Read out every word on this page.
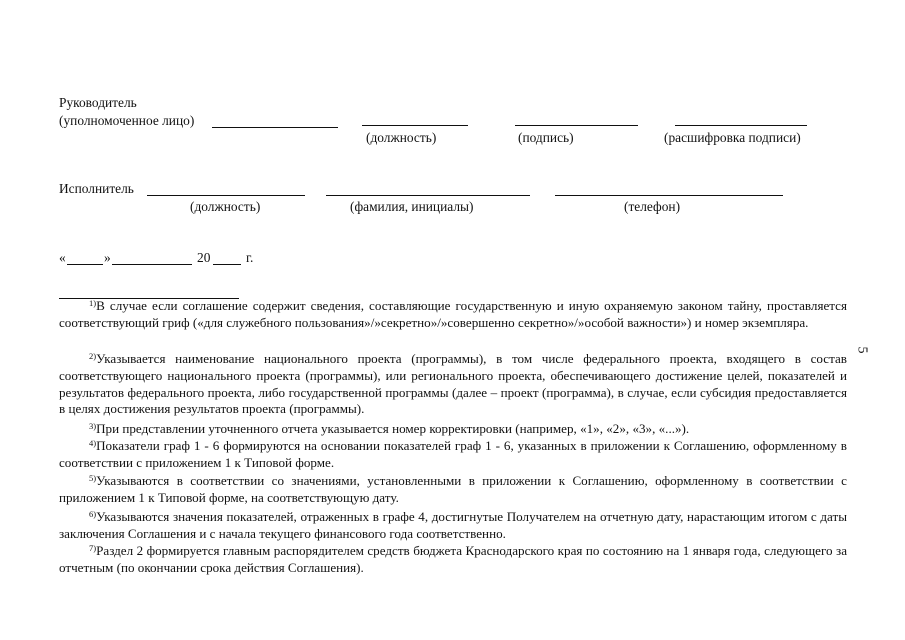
Руководитель
(уполномоченное лицо)
(должность)	(подпись)	(расшифровка подписи)
Исполнитель
(должность)	(фамилия, инициалы)	(телефон)
«	»	20	г.
$^{1)}$В случае если соглашение содержит сведения, составляющие государственную и иную охраняемую законом тайну, проставляется соответствующий гриф («для служебного пользования»/»секретно»/»совершенно секретно»/»особой важности») и номер экземпляра.
$^{2)}$Указывается наименование национального проекта (программы), в том числе федерального проекта, входящего в состав соответствующего национального проекта (программы), или регионального проекта, обеспечивающего достижение целей, показателей и результатов федерального проекта, либо государственной программы (далее – проект (программа), в случае, если субсидия предоставляется в целях достижения результатов проекта (программы).
$^{3)}$При представлении уточненного отчета указывается номер корректировки (например, «1», «2», «3», «...»).
$^{4)}$Показатели граф 1 - 6 формируются на основании показателей граф 1 - 6, указанных в приложении к Соглашению, оформленному в соответствии с приложением 1 к Типовой форме.
$^{5)}$Указываются в соответствии со значениями, установленными в приложении к Соглашению, оформленному в соответствии с приложением 1 к Типовой форме, на соответствующую дату.
$^{6)}$Указываются значения показателей, отраженных в графе 4, достигнутые Получателем на отчетную дату, нарастающим итогом с даты заключения Соглашения и с начала текущего финансового года соответственно.
$^{7)}$Раздел 2 формируется главным распорядителем средств бюджета Краснодарского края по состоянию на 1 января года, следующего за отчетным (по окончании срока действия Соглашения).
5
